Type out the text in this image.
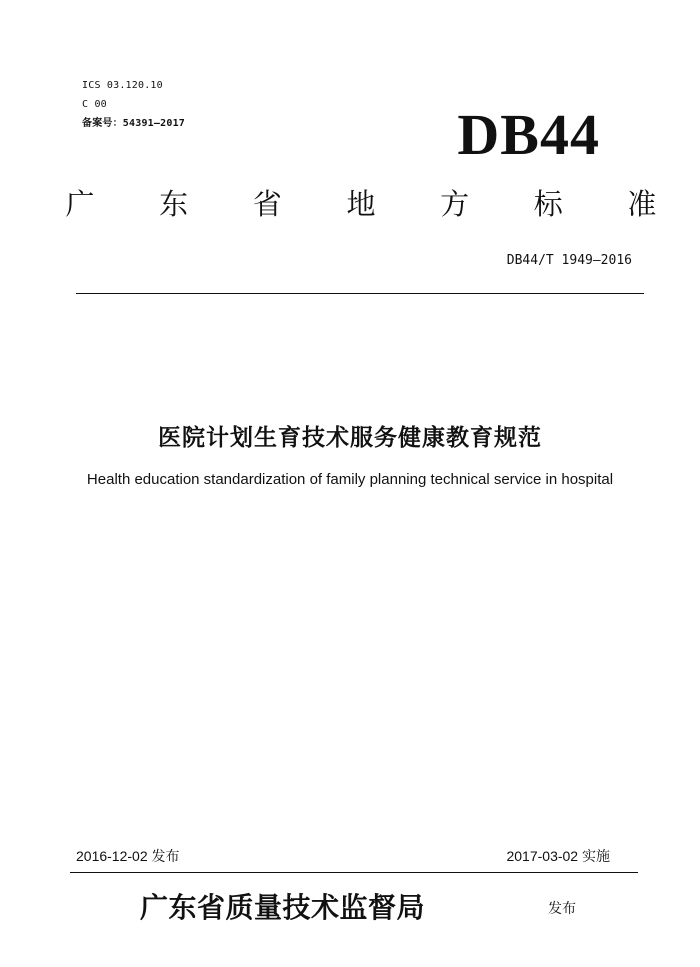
ICS 03.120.10
C 00
备案号：54391—2017	DB44
广 东 省 地 方 标 准
DB44/T 1949—2016
医院计划生育技术服务健康教育规范
Health education standardization of family planning technical service in hospital
2016-12-02 发布	2017-03-02 实施
广东省质量技术监督局	发布
